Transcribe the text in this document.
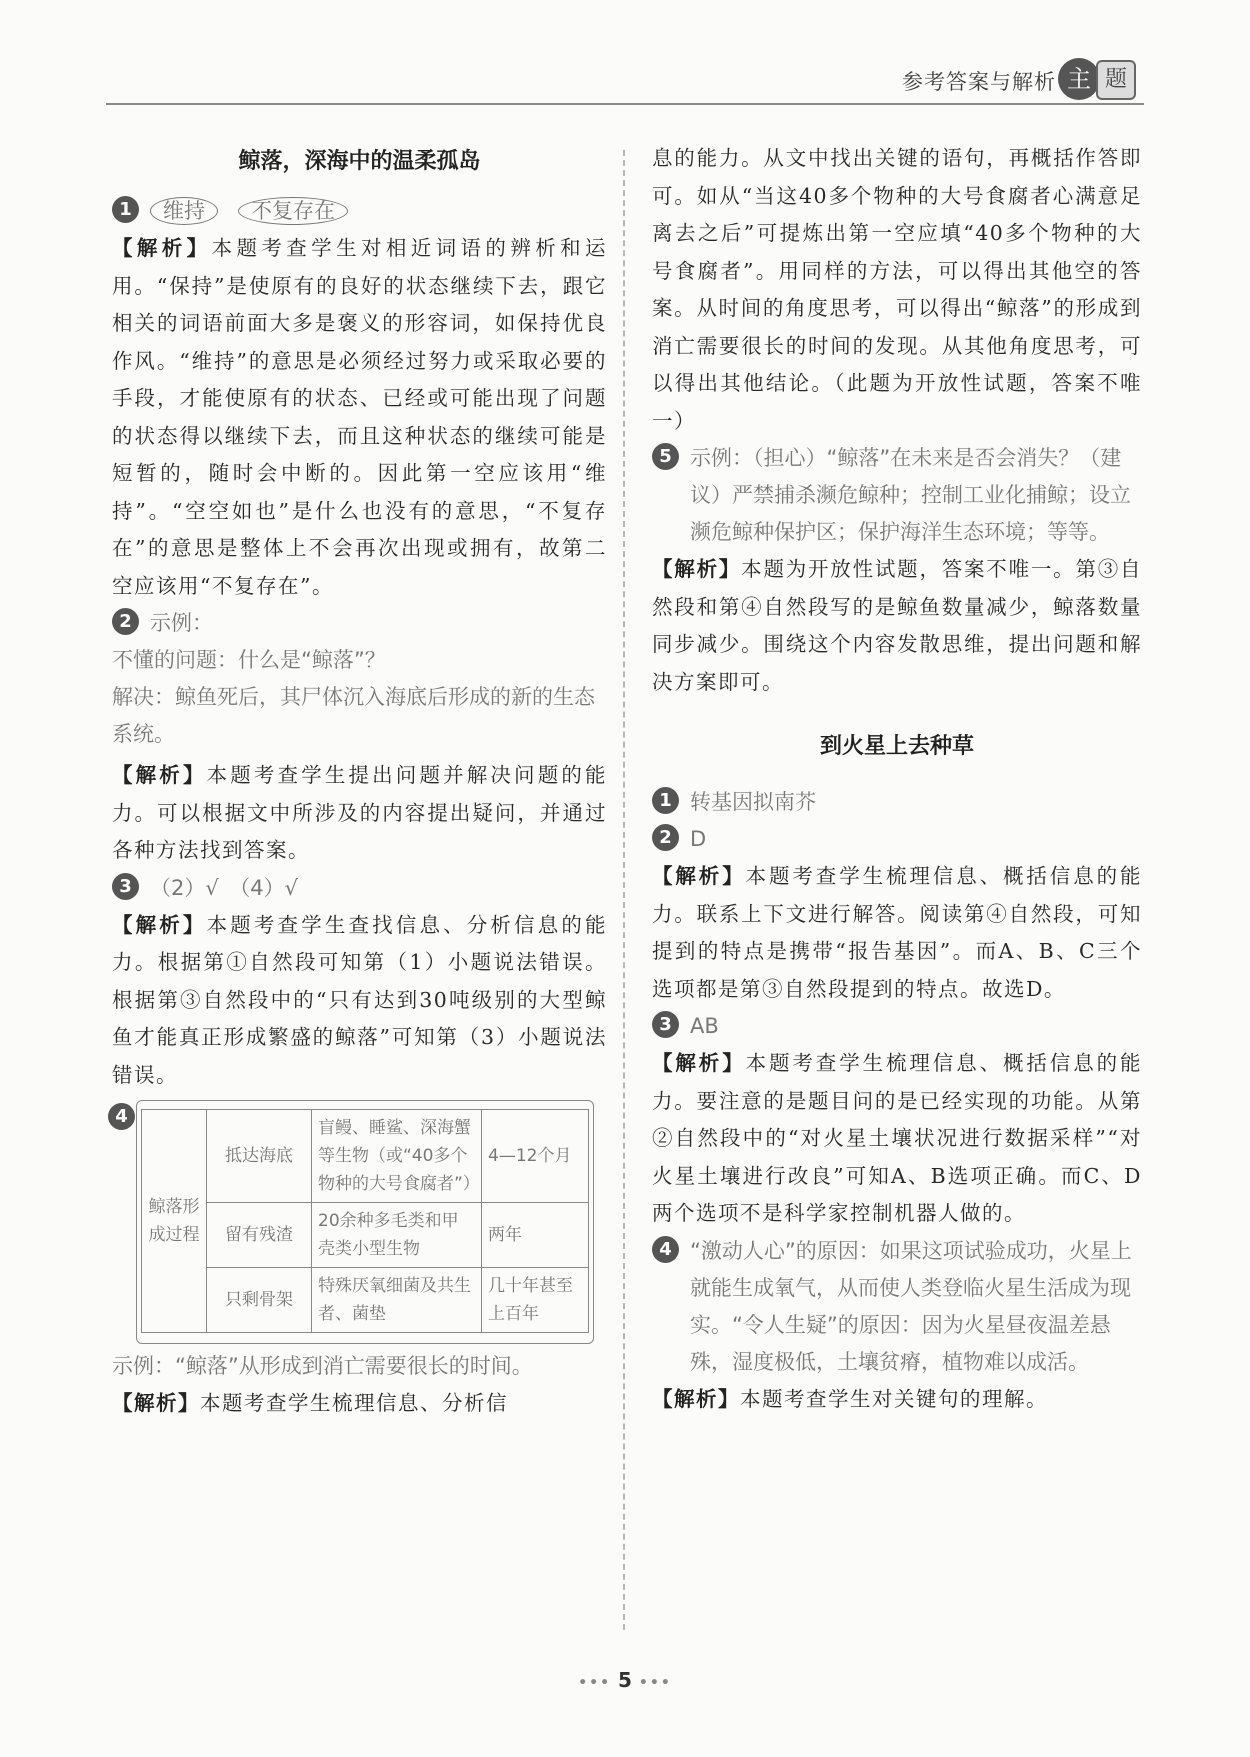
参考答案与解析 主 题
鲸落，深海中的温柔孤岛
1	维持 不复存在
【解析】本题考查学生对相近词语的辨析和运用。“保持”是使原有的良好的状态继续下去，跟它相关的词语前面大多是褒义的形容词，如保持优良作风。“维持”的意思是必须经过努力或采取必要的手段，才能使原有的状态、已经或可能出现了问题的状态得以继续下去，而且这种状态的继续可能是短暂的，随时会中断的。因此第一空应该用“维持”。“空空如也”是什么也没有的意思，“不复存在”的意思是整体上不会再次出现或拥有，故第二空应该用“不复存在”。
2 示例：
不懂的问题：什么是“鲸落”？
解决：鲸鱼死后，其尸体沉入海底后形成的新的生态系统。
【解析】本题考查学生提出问题并解决问题的能力。可以根据文中所涉及的内容提出疑问，并通过各种方法找到答案。
3 （2）√　（4）√
【解析】本题考查学生查找信息、分析信息的能力。根据第①自然段可知第（1）小题说法错误。根据第③自然段中的“只有达到30吨级别的大型鲸鱼才能真正形成繁盛的鲸落”可知第（3）小题说法错误。
4
鲸落形成过程	抵达海底	盲鳗、睡鲨、深海蟹等生物（或“40多个物种的大号食腐者”）	4—12个月
	留有残渣	20余种多毛类和甲壳类小型生物	两年
	只剩骨架	特殊厌氧细菌及共生者、菌垫	几十年甚至上百年
示例：“鲸落”从形成到消亡需要很长的时间。
【解析】本题考查学生梳理信息、分析信
息的能力。从文中找出关键的语句，再概括作答即可。如从“当这40多个物种的大号食腐者心满意足离去之后”可提炼出第一空应填“40多个物种的大号食腐者”。用同样的方法，可以得出其他空的答案。从时间的角度思考，可以得出“鲸落”的形成到消亡需要很长的时间的发现。从其他角度思考，可以得出其他结论。（此题为开放性试题，答案不唯一）
5 示例：（担心）“鲸落”在未来是否会消失？（建议）严禁捕杀濒危鲸种；控制工业化捕鲸；设立濒危鲸种保护区；保护海洋生态环境；等等。
【解析】本题为开放性试题，答案不唯一。第③自然段和第④自然段写的是鲸鱼数量减少，鲸落数量同步减少。围绕这个内容发散思维，提出问题和解决方案即可。
到火星上去种草
1 转基因拟南芥
2 D
【解析】本题考查学生梳理信息、概括信息的能力。联系上下文进行解答。阅读第④自然段，可知提到的特点是携带“报告基因”。而A、B、C三个选项都是第③自然段提到的特点。故选D。
3 AB
【解析】本题考查学生梳理信息、概括信息的能力。要注意的是题目问的是已经实现的功能。从第②自然段中的“对火星土壤状况进行数据采样”“对火星土壤进行改良”可知A、B选项正确。而C、D两个选项不是科学家控制机器人做的。
4 “激动人心”的原因：如果这项试验成功，火星上就能生成氧气，从而使人类登临火星生活成为现实。“令人生疑”的原因：因为火星昼夜温差悬殊，湿度极低，土壤贫瘠，植物难以成活。
【解析】本题考查学生对关键句的理解。
••• 5 •••
